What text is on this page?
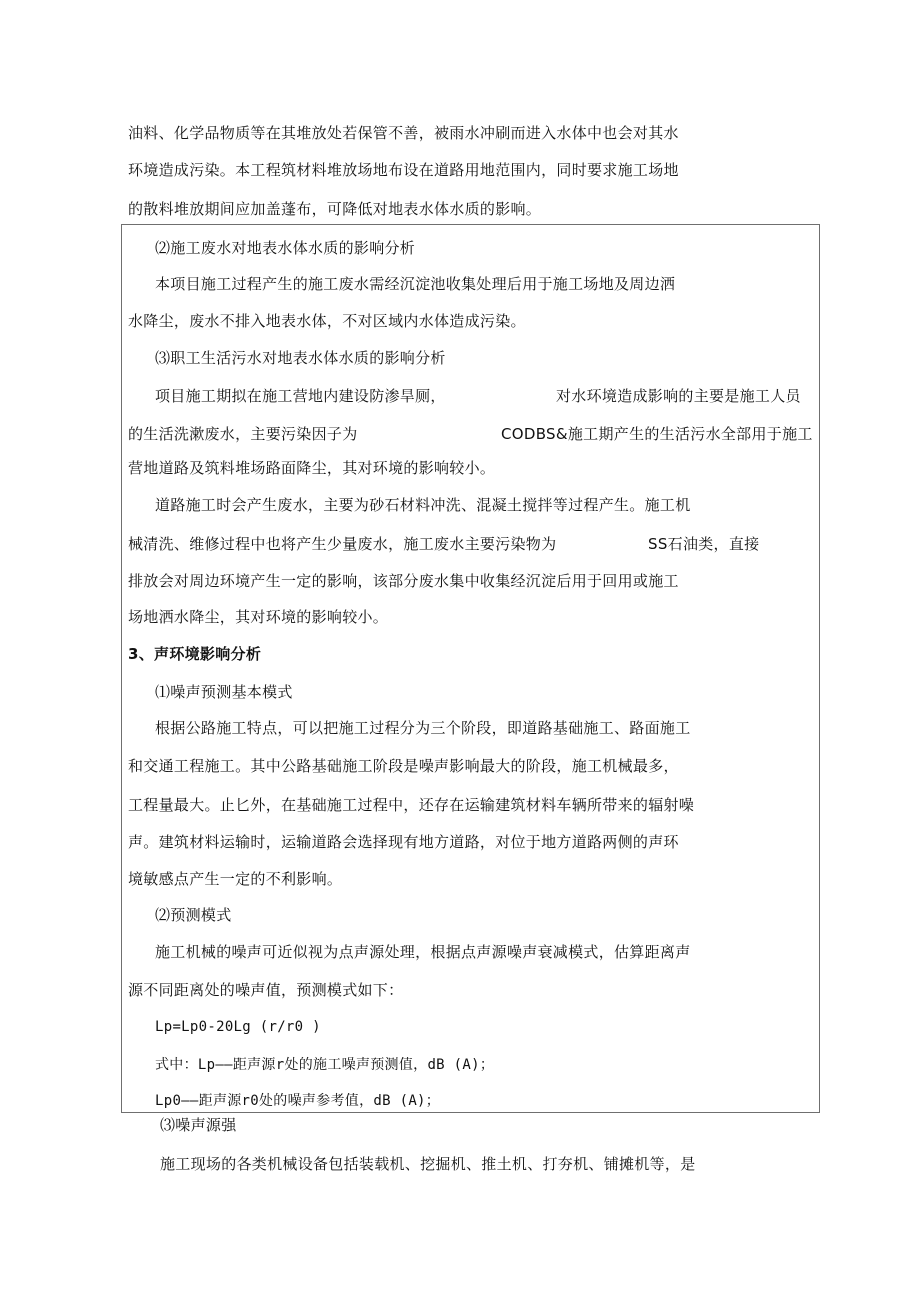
油料、化学品物质等在其堆放处若保管不善，被雨水冲刷而进入水体中也会对其水
环境造成污染。本工程筑材料堆放场地布设在道路用地范围内，同时要求施工场地
的散料堆放期间应加盖蓬布，可降低对地表水体水质的影响。
⑵施工废水对地表水体水质的影响分析
本项目施工过程产生的施工废水需经沉淀池收集处理后用于施工场地及周边洒
水降尘，废水不排入地表水体，不对区域内水体造成污染。
⑶职工生活污水对地表水体水质的影响分析
项目施工期拟在施工营地内建设防渗旱厕，	对水环境造成影响的主要是施工人员
的生活洗漱废水，主要污染因子为	CODBS&施工期产生的生活污水全部用于施工
营地道路及筑料堆场路面降尘，其对环境的影响较小。
道路施工时会产生废水，主要为砂石材料冲洗、混凝土搅拌等过程产生。施工机
械清洗、维修过程中也将产生少量废水，施工废水主要污染物为	SS石油类，直接
排放会对周边环境产生一定的影响，该部分废水集中收集经沉淀后用于回用或施工
场地洒水降尘，其对环境的影响较小。
3、声环境影响分析
⑴噪声预测基本模式
根据公路施工特点，可以把施工过程分为三个阶段，即道路基础施工、路面施工
和交通工程施工。其中公路基础施工阶段是噪声影响最大的阶段，施工机械最多，
工程量最大。止匕外，在基础施工过程中，还存在运输建筑材料车辆所带来的辐射噪
声。建筑材料运输时，运输道路会选择现有地方道路，对位于地方道路两侧的声环
境敏感点产生一定的不利影响。
⑵预测模式
施工机械的噪声可近似视为点声源处理，根据点声源噪声衰减模式，估算距离声
源不同距离处的噪声值，预测模式如下：
Lp=Lp0-20Lg (r/r0 )
式中：Lp——距声源r处的施工噪声预测值，dB (A)；
Lp0——距声源r0处的噪声参考值，dB (A)；
⑶噪声源强
施工现场的各类机械设备包括装载机、挖掘机、推土机、打夯机、铺摊机等，是
